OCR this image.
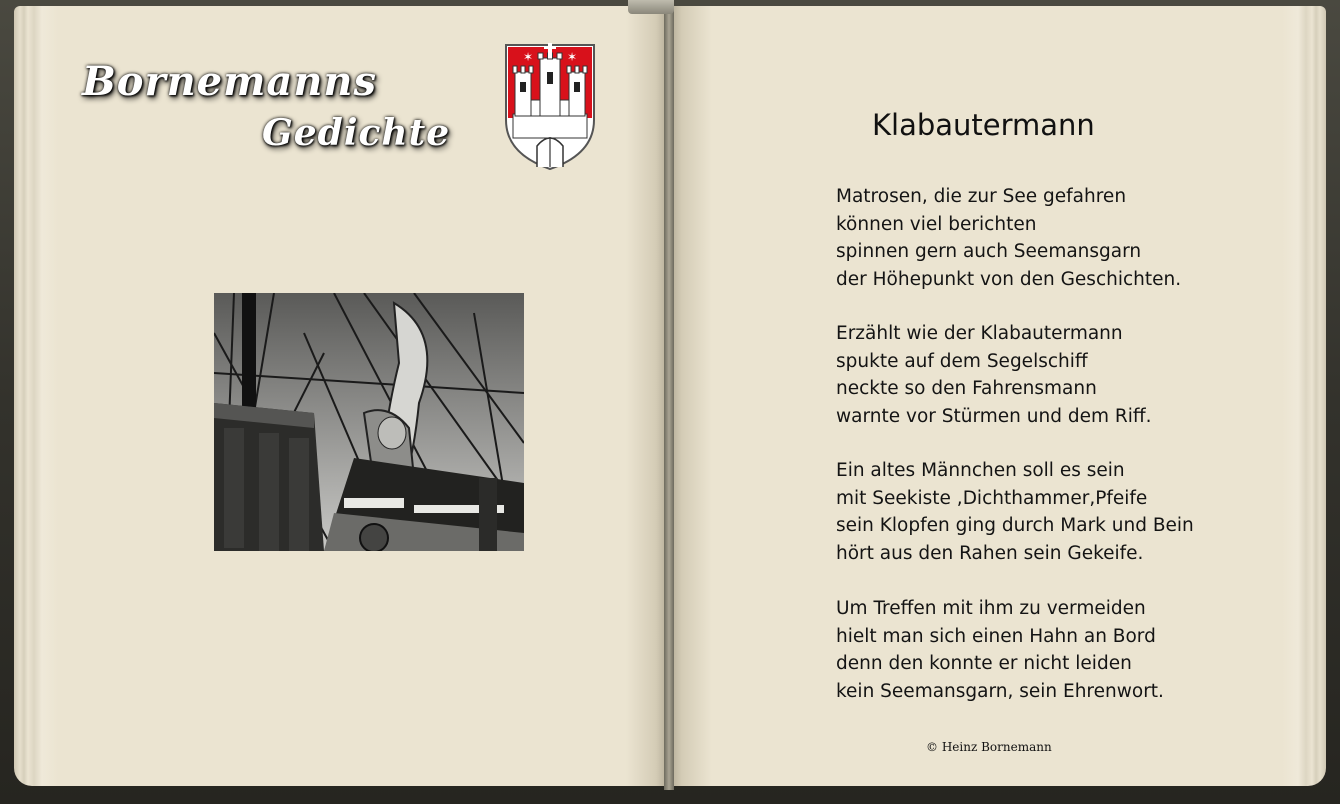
Bornemanns
Gedichte
✶	✶
Klabautermann
Matrosen, die zur See gefahren
können viel berichten
spinnen gern auch Seemansgarn
der Höhepunkt von den Geschichten.
Erzählt wie der Klabautermann
spukte auf dem Segelschiff
neckte so den Fahrensmann
warnte vor Stürmen und dem Riff.
Ein altes Männchen soll es sein
mit Seekiste ,Dichthammer,Pfeife
sein Klopfen ging durch Mark und Bein
hört aus den Rahen sein Gekeife.
Um Treffen mit ihm zu vermeiden
hielt man sich einen Hahn an Bord
denn den konnte er nicht leiden
kein Seemansgarn, sein Ehrenwort.
© Heinz Bornemann
